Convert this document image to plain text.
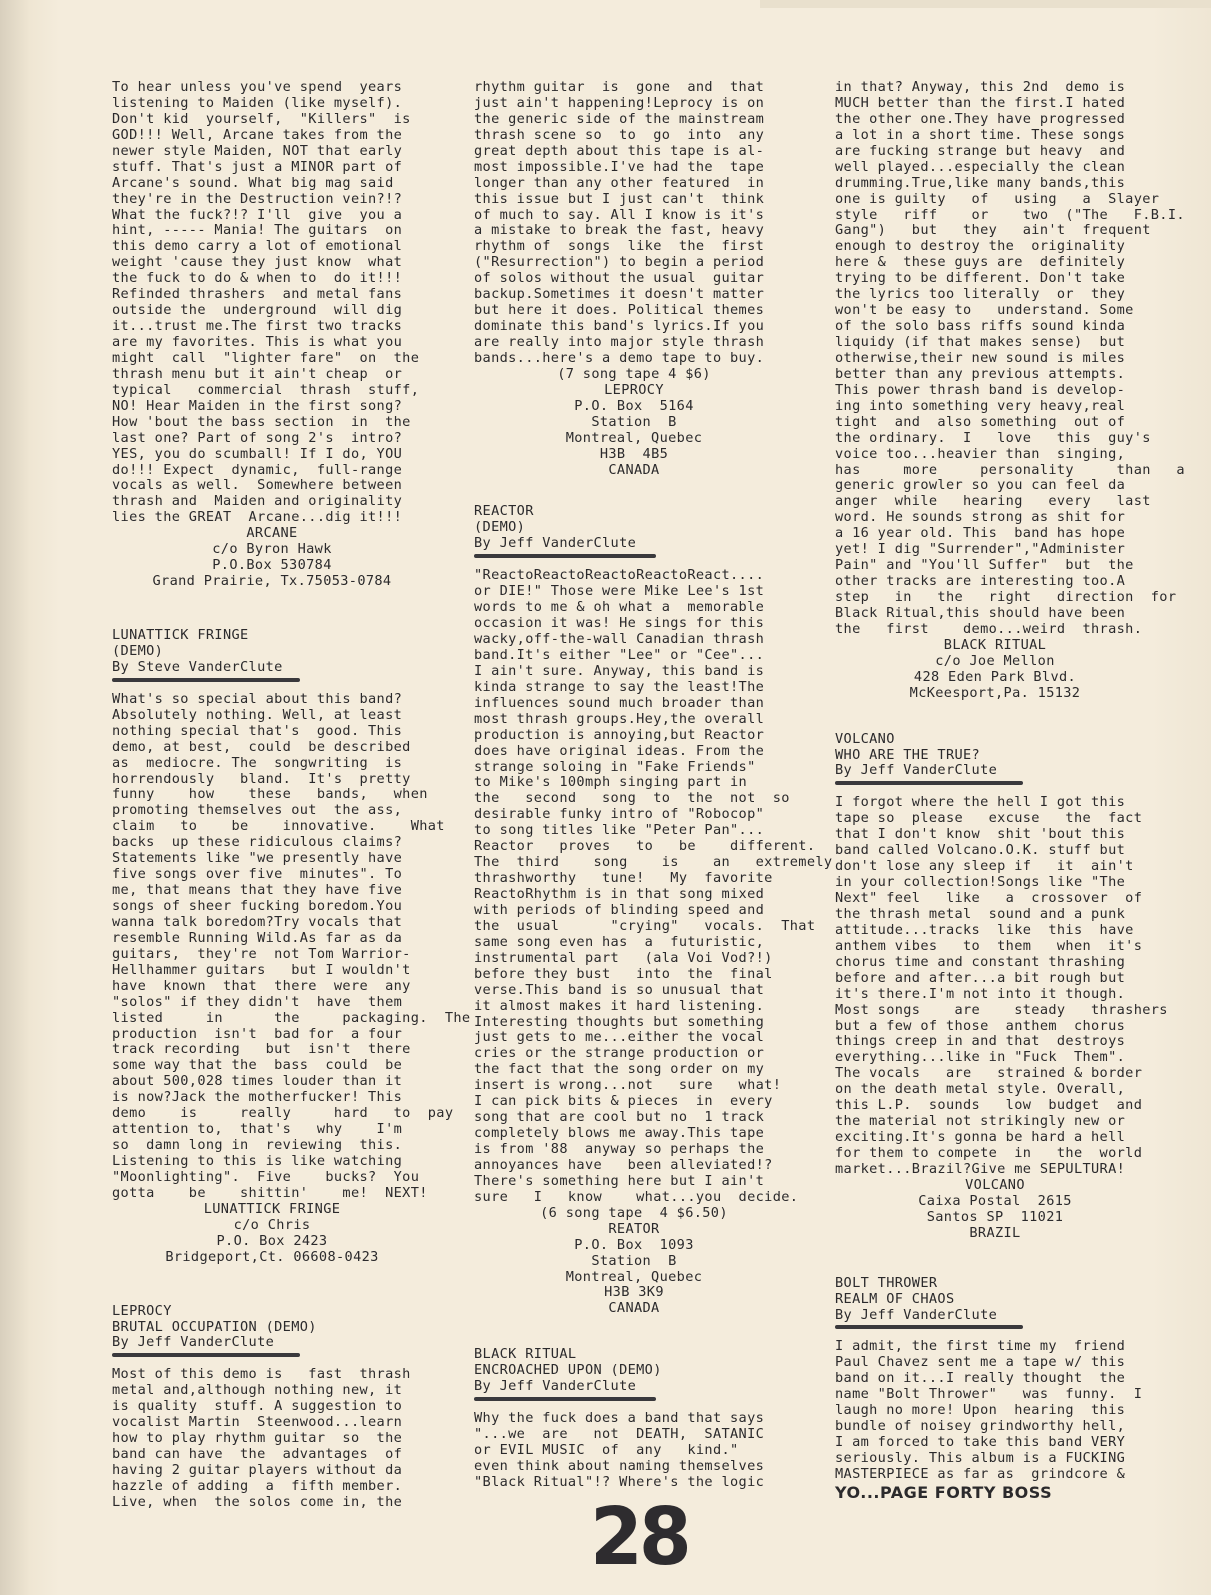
To hear unless you've spend  years
listening to Maiden (like myself).
Don't kid  yourself,  "Killers"  is
GOD!!! Well, Arcane takes from the
newer style Maiden, NOT that early
stuff. That's just a MINOR part of
Arcane's sound. What big mag said
they're in the Destruction vein?!?
What the fuck?!? I'll  give  you a
hint, ----- Mania! The guitars  on
this demo carry a lot of emotional
weight 'cause they just know  what
the fuck to do & when to  do it!!!
Refinded thrashers  and metal fans
outside the  underground  will dig
it...trust me.The first two tracks
are my favorites. This is what you
might  call  "lighter fare"  on  the
thrash menu but it ain't cheap  or
typical   commercial  thrash  stuff,
NO! Hear Maiden in the first song?
How 'bout the bass section  in  the
last one? Part of song 2's  intro?
YES, you do scumball! If I do, YOU
do!!! Expect  dynamic,  full-range
vocals as well.  Somewhere between
thrash and  Maiden and originality
lies the GREAT  Arcane...dig it!!!
ARCANE
c/o Byron Hawk
P.O.Box 530784
Grand Prairie, Tx.75053-0784
LUNATTICK FRINGE
(DEMO)
By Steve VanderClute
What's so special about this band?
Absolutely nothing. Well, at least
nothing special that's  good. This
demo, at best,  could  be described
as  mediocre. The  songwriting  is
horrendously   bland.  It's  pretty
funny    how    these   bands,   when
promoting themselves out  the ass,
claim   to    be    innovative.    What
backs  up these ridiculous claims?
Statements like "we presently have
five songs over five  minutes". To
me, that means that they have five
songs of sheer fucking boredom.You
wanna talk boredom?Try vocals that
resemble Running Wild.As far as da
guitars,  they're  not Tom Warrior-
Hellhammer guitars   but I wouldn't
have  known  that  there  were  any
"solos" if they didn't  have  them
listed     in      the     packaging.  The
production  isn't  bad for  a four
track recording   but  isn't  there
some way that the  bass  could  be
about 500,028 times louder than it
is now?Jack the motherfucker! This
demo    is     really     hard   to  pay
attention to,  that's   why    I'm
so  damn long in  reviewing  this.
Listening to this is like watching
"Moonlighting".  Five    bucks?  You
gotta    be    shittin'    me!  NEXT!
LUNATTICK FRINGE
c/o Chris
P.O. Box 2423
Bridgeport,Ct. 06608-0423
LEPROCY
BRUTAL OCCUPATION (DEMO)
By Jeff VanderClute
Most of this demo is   fast  thrash
metal and,although nothing new, it
is quality  stuff. A suggestion to
vocalist Martin  Steenwood...learn
how to play rhythm guitar  so  the
band can have  the  advantages  of
having 2 guitar players without da
hazzle of adding  a  fifth member.
Live, when  the solos come in, the
rhythm guitar  is  gone  and  that
just ain't happening!Leprocy is on
the generic side of the mainstream
thrash scene so  to  go  into  any
great depth about this tape is al-
most impossible.I've had the  tape
longer than any other featured  in
this issue but I just can't  think
of much to say. All I know is it's
a mistake to break the fast, heavy
rhythm of  songs  like  the  first
("Resurrection") to begin a period
of solos without the usual  guitar
backup.Sometimes it doesn't matter
but here it does. Political themes
dominate this band's lyrics.If you
are really into major style thrash
bands...here's a demo tape to buy.
(7 song tape 4 $6)
LEPROCY
P.O. Box  5164
Station  B
Montreal, Quebec
H3B  4B5
CANADA
REACTOR
(DEMO)
By Jeff VanderClute
"ReactoReactoReactoReactoReact....
or DIE!" Those were Mike Lee's 1st
words to me & oh what a  memorable
occasion it was! He sings for this
wacky,off-the-wall Canadian thrash
band.It's either "Lee" or "Cee"...
I ain't sure. Anyway, this band is
kinda strange to say the least!The
influences sound much broader than
most thrash groups.Hey,the overall
production is annoying,but Reactor
does have original ideas. From the
strange soloing in "Fake Friends"
to Mike's 100mph singing part in
the   second   song  to  the  not  so
desirable funky intro of "Robocop"
to song titles like "Peter Pan"...
Reactor   proves   to   be    different.
The  third    song    is    an   extremely
thrashworthy   tune!   My  favorite
ReactoRhythm is in that song mixed
with periods of blinding speed and
the  usual      "crying"   vocals.  That
same song even has  a  futuristic,
instrumental part   (ala Voi Vod?!)
before they bust   into  the  final
verse.This band is so unusual that
it almost makes it hard listening.
Interesting thoughts but something
just gets to me...either the vocal
cries or the strange production or
the fact that the song order on my
insert is wrong...not   sure   what!
I can pick bits & pieces  in  every
song that are cool but no  1 track
completely blows me away.This tape
is from '88  anyway so perhaps the
annoyances have   been alleviated!?
There's something here but I ain't
sure   I   know    what...you  decide.
(6 song tape  4 $6.50)
REATOR
P.O. Box  1093
Station  B
Montreal, Quebec
H3B 3K9
CANADA
BLACK RITUAL
ENCROACHED UPON (DEMO)
By Jeff VanderClute
Why the fuck does a band that says
"...we  are   not  DEATH,  SATANIC
or EVIL MUSIC  of  any   kind."
even think about naming themselves
"Black Ritual"!? Where's the logic
in that? Anyway, this 2nd  demo is
MUCH better than the first.I hated
the other one.They have progressed
a lot in a short time. These songs
are fucking strange but heavy  and
well played...especially the clean
drumming.True,like many bands,this
one is guilty   of   using   a  Slayer
style   riff    or    two  ("The   F.B.I.
Gang")   but   they   ain't  frequent
enough to destroy the  originality
here &  these guys are  definitely
trying to be different. Don't take
the lyrics too literally  or  they
won't be easy to   understand. Some
of the solo bass riffs sound kinda
liquidy (if that makes sense)  but
otherwise,their new sound is miles
better than any previous attempts.
This power thrash band is develop-
ing into something very heavy,real
tight  and  also something  out of
the ordinary.  I   love   this  guy's
voice too...heavier than  singing,
has     more     personality     than   a
generic growler so you can feel da
anger  while   hearing   every   last
word. He sounds strong as shit for
a 16 year old. This  band has hope
yet! I dig "Surrender","Administer
Pain" and "You'll Suffer"  but  the
other tracks are interesting too.A
step   in   the   right   direction  for
Black Ritual,this should have been
the   first    demo...weird  thrash.
BLACK RITUAL
c/o Joe Mellon
428 Eden Park Blvd.
McKeesport,Pa. 15132
VOLCANO
WHO ARE THE TRUE?
By Jeff VanderClute
I forgot where the hell I got this
tape so  please   excuse   the  fact
that I don't know  shit 'bout this
band called Volcano.O.K. stuff but
don't lose any sleep if   it  ain't
in your collection!Songs like "The
Next" feel   like   a  crossover  of
the thrash metal  sound and a punk
attitude...tracks  like  this  have
anthem vibes   to  them   when  it's
chorus time and constant thrashing
before and after...a bit rough but
it's there.I'm not into it though.
Most songs    are    steady   thrashers
but a few of those  anthem  chorus
things creep in and that  destroys
everything...like in "Fuck  Them".
The vocals   are   strained & border
on the death metal style. Overall,
this L.P.  sounds   low  budget  and
the material not strikingly new or
exciting.It's gonna be hard a hell
for them to compete  in   the  world
market...Brazil?Give me SEPULTURA!
VOLCANO
Caixa Postal  2615
Santos SP  11021
BRAZIL
BOLT THROWER
REALM OF CHAOS
By Jeff VanderClute
I admit, the first time my  friend
Paul Chavez sent me a tape w/ this
band on it...I really thought  the
name "Bolt Thrower"   was  funny.  I
laugh no more! Upon  hearing  this
bundle of noisey grindworthy hell,
I am forced to take this band VERY
seriously. This album is a FUCKING
MASTERPIECE as far as  grindcore &
YO...PAGE FORTY BOSS
28
